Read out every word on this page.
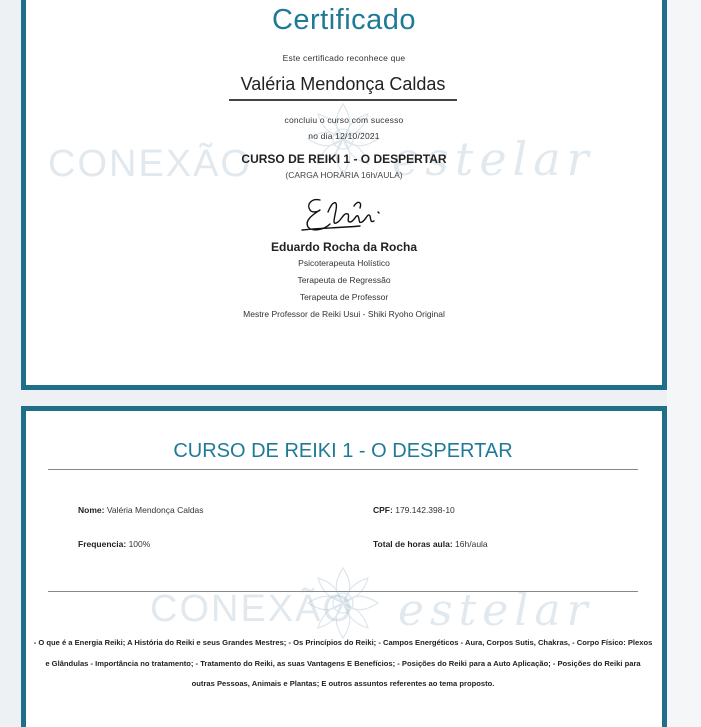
CONEXÃO	estelar
Certificado
Este certificado reconhece que
Valéria Mendonça Caldas
concluiu o curso com sucesso
no dia 12/10/2021
CURSO DE REIKI 1 - O DESPERTAR
(CARGA HORÁRIA 16h/AULA)
Eduardo Rocha da Rocha
Psicoterapeuta Holístico
Terapeuta de Regressão
Terapeuta de Professor
Mestre Professor de Reiki Usui - Shiki Ryoho Original
CONEXÃO estelar
CURSO DE REIKI 1 - O DESPERTAR
Nome: Valéria Mendonça Caldas	CPF: 179.142.398-10
Frequencia: 100%	Total de horas aula: 16h/aula
- O que é a Energia Reiki; A História do Reiki e seus Grandes Mestres; - Os Princípios do Reiki; - Campos Energéticos - Aura, Corpos Sutis, Chakras, - Corpo Físico: Plexos e Glândulas - Importância no tratamento; - Tratamento do Reiki, as suas Vantagens E Benefícios; - Posições do Reiki para a Auto Aplicação; - Posições do Reiki para outras Pessoas, Animais e Plantas; E outros assuntos referentes ao tema proposto.
